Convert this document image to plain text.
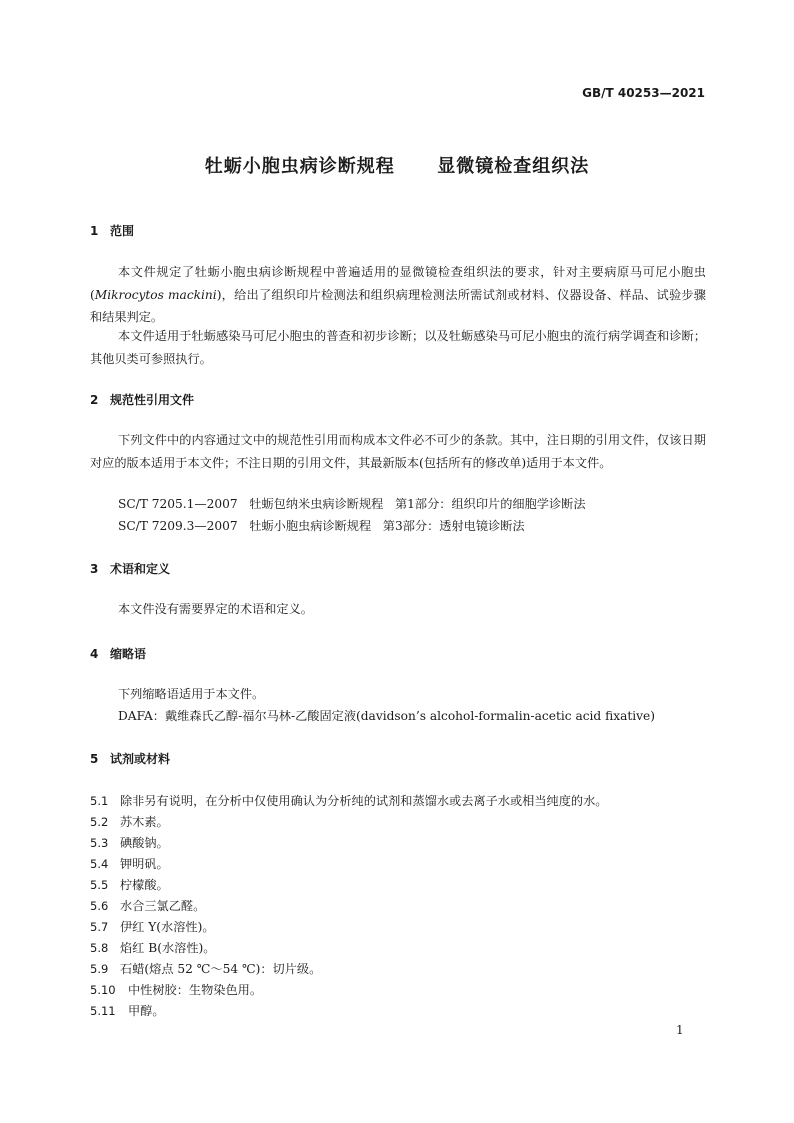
GB/T 40253—2021
牡蛎小胞虫病诊断规程  显微镜检查组织法
1 范围
本文件规定了牡蛎小胞虫病诊断规程中普遍适用的显微镜检查组织法的要求，针对主要病原马可尼小胞虫(Mikrocytos mackini)，给出了组织印片检测法和组织病理检测法所需试剂或材料、仪器设备、样品、试验步骤和结果判定。
本文件适用于牡蛎感染马可尼小胞虫的普查和初步诊断；以及牡蛎感染马可尼小胞虫的流行病学调查和诊断；其他贝类可参照执行。
2 规范性引用文件
下列文件中的内容通过文中的规范性引用而构成本文件必不可少的条款。其中，注日期的引用文件，仅该日期对应的版本适用于本文件；不注日期的引用文件，其最新版本(包括所有的修改单)适用于本文件。
SC/T 7205.1—2007   牡蛎包纳米虫病诊断规程   第1部分：组织印片的细胞学诊断法
SC/T 7209.3—2007   牡蛎小胞虫病诊断规程   第3部分：透射电镜诊断法
3 术语和定义
本文件没有需要界定的术语和定义。
4 缩略语
下列缩略语适用于本文件。
DAFA：戴维森氏乙醇-福尔马林-乙酸固定液(davidson’s alcohol-formalin-acetic acid fixative)
5 试剂或材料
5.1 除非另有说明，在分析中仅使用确认为分析纯的试剂和蒸馏水或去离子水或相当纯度的水。
5.2 苏木素。
5.3 碘酸钠。
5.4 钾明矾。
5.5 柠檬酸。
5.6 水合三氯乙醛。
5.7 伊红 Y(水溶性)。
5.8 焰红 B(水溶性)。
5.9 石蜡(熔点 52 ℃～54 ℃)：切片级。
5.10 中性树胶：生物染色用。
5.11 甲醇。
1
